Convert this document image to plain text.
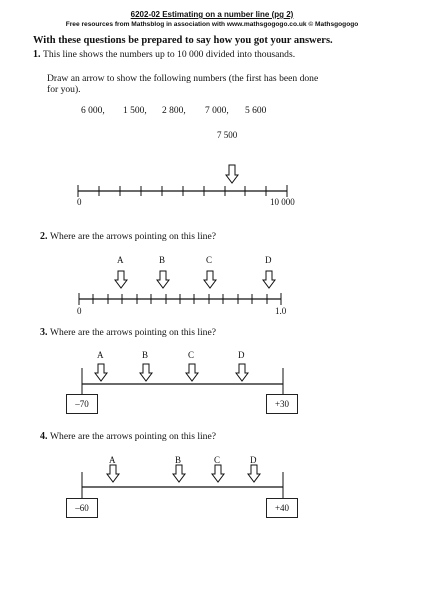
6202-02 Estimating on a number line (pg 2)
Free resources from Mathsblog in association with www.mathsgogogo.co.uk © Mathsgogogo
With these questions be prepared to say how you got your answers.
1. This line shows the numbers up to 10 000 divided into thousands.
Draw an arrow to show the following numbers (the first has been done
for you).
6 000, 1 500, 2 800, 7 000, 5 600
7 500
0	10 000
2. Where are the arrows pointing on this line?
A	B	C	D
0	1.0
3. Where are the arrows pointing on this line?
A	B	C	D
–70	+30
4. Where are the arrows pointing on this line?
A	B	C	D
–60	+40
